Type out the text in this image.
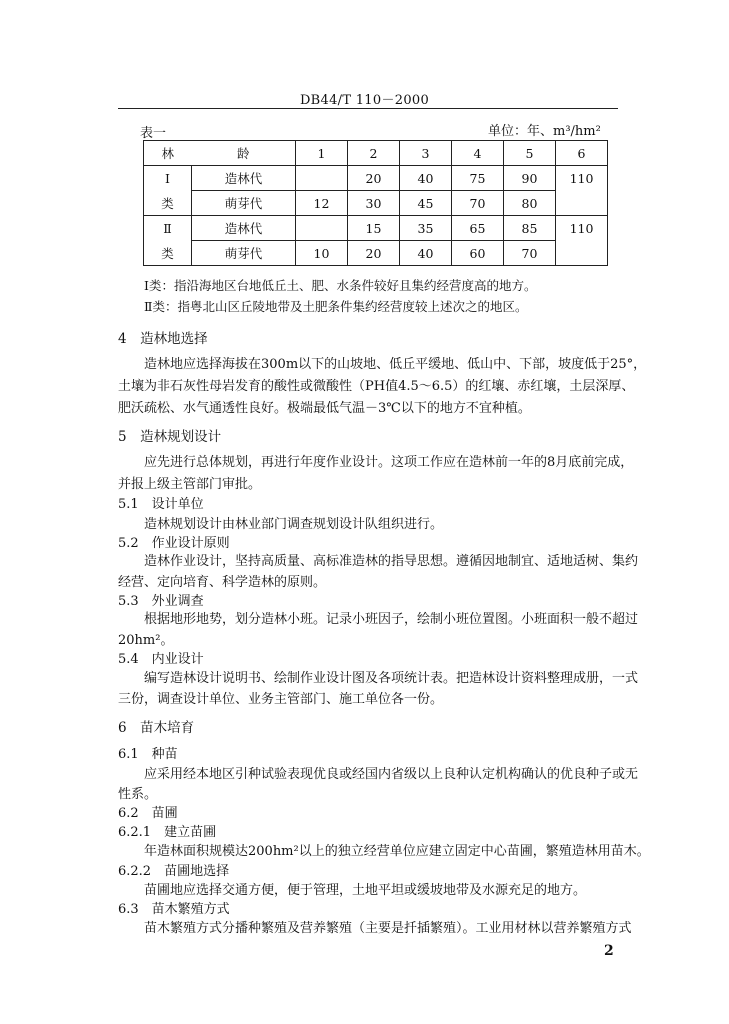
DB44/T 110－2000
表一	单位：年、m³/hm²
林	龄	1	2	3	4	5	6
Ⅰ	造林代		20	40	75	90	110
类	萌芽代	12	30	45	70	80	
Ⅱ	造林代		15	35	65	85	110
类	萌芽代	10	20	40	60	70	
Ⅰ类：指沿海地区台地低丘土、肥、水条件较好且集约经营度高的地方。
Ⅱ类：指粤北山区丘陵地带及土肥条件集约经营度较上述次之的地区。
4　造林地选择
造林地应选择海拔在300m以下的山坡地、低丘平缓地、低山中、下部，坡度低于25°，
土壤为非石灰性母岩发育的酸性或微酸性（PH值4.5～6.5）的红壤、赤红壤，土层深厚、
肥沃疏松、水气通透性良好。极端最低气温－3℃以下的地方不宜种植。
5　造林规划设计
应先进行总体规划，再进行年度作业设计。这项工作应在造林前一年的8月底前完成，
并报上级主管部门审批。
5.1　设计单位
造林规划设计由林业部门调查规划设计队组织进行。
5.2　作业设计原则
造林作业设计，坚持高质量、高标准造林的指导思想。遵循因地制宜、适地适树、集约
经营、定向培育、科学造林的原则。
5.3　外业调查
根据地形地势，划分造林小班。记录小班因子，绘制小班位置图。小班面积一般不超过
20hm²。
5.4　内业设计
编写造林设计说明书、绘制作业设计图及各项统计表。把造林设计资料整理成册，一式
三份，调查设计单位、业务主管部门、施工单位各一份。
6　苗木培育
6.1　种苗
应采用经本地区引种试验表现优良或经国内省级以上良种认定机构确认的优良种子或无
性系。
6.2　苗圃
6.2.1　建立苗圃
年造林面积规模达200hm²以上的独立经营单位应建立固定中心苗圃，繁殖造林用苗木。
6.2.2　苗圃地选择
苗圃地应选择交通方便，便于管理，土地平坦或缓坡地带及水源充足的地方。
6.3　苗木繁殖方式
苗木繁殖方式分播种繁殖及营养繁殖（主要是扦插繁殖）。工业用材林以营养繁殖方式
2
